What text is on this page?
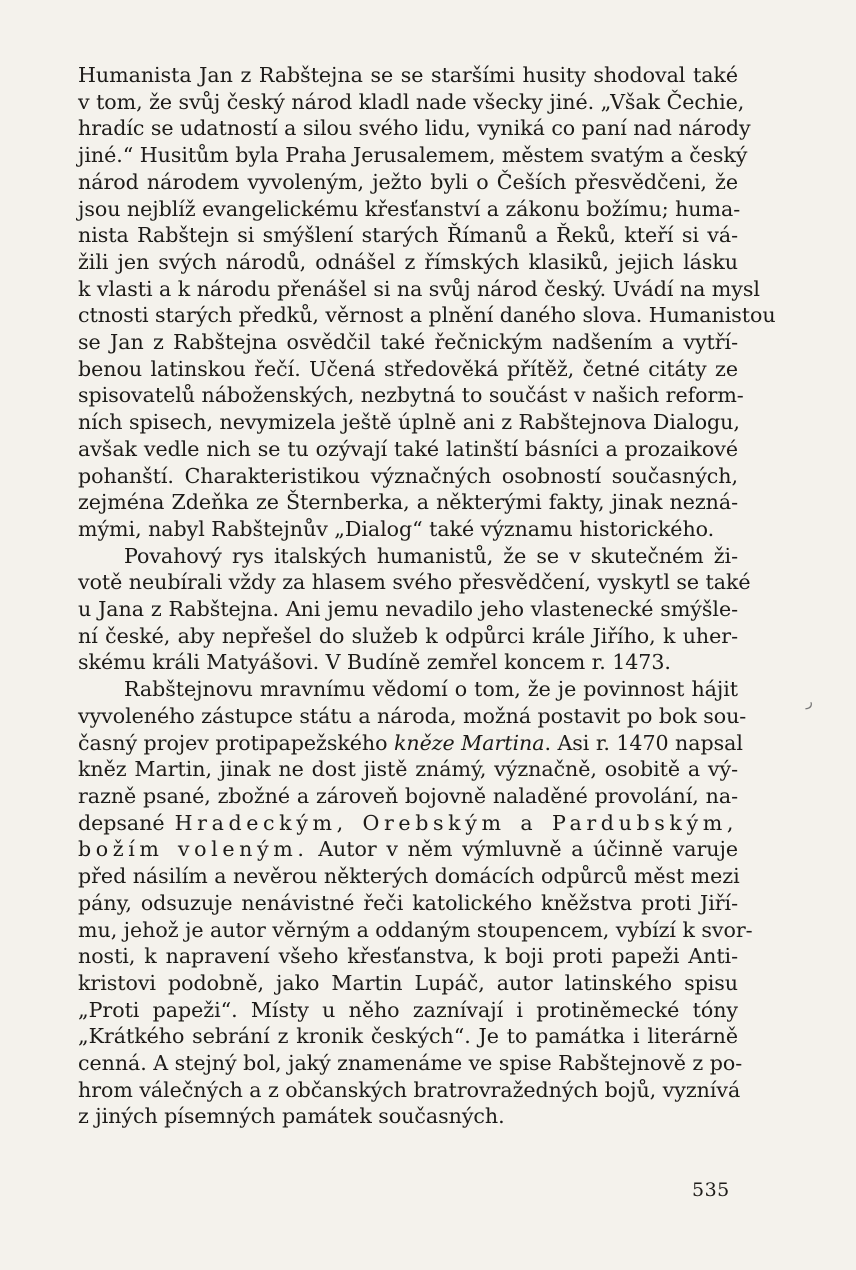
Humanista Jan z Rabštejna se se staršími husity shodoval také
v tom, že svůj český národ kladl nade všecky jiné. „Však Čechie,
hradíc se udatností a silou svého lidu, vyniká co paní nad národy
jiné.“ Husitům byla Praha Jerusalemem, městem svatým a český
národ národem vyvoleným, ježto byli o Češích přesvědčeni, že
jsou nejblíž evangelickému křesťanství a zákonu božímu; huma-
nista Rabštejn si smýšlení starých Římanů a Řeků, kteří si vá-
žili jen svých národů, odnášel z římských klasiků, jejich lásku
k vlasti a k národu přenášel si na svůj národ český. Uvádí na mysl
ctnosti starých předků, věrnost a plnění daného slova. Humanistou
se Jan z Rabštejna osvědčil také řečnickým nadšením a vytří-
benou latinskou řečí. Učená středověká přítěž, četné citáty ze
spisovatelů náboženských, nezbytná to součást v našich reform-
ních spisech, nevymizela ještě úplně ani z Rabštejnova Dialogu,
avšak vedle nich se tu ozývají také latinští básníci a prozaikové
pohanští. Charakteristikou význačných osobností současných,
zejména Zdeňka ze Šternberka, a některými fakty, jinak nezná-
mými, nabyl Rabštejnův „Dialog“ také významu historického.
Povahový rys italských humanistů, že se v skutečném ži-
votě neubírali vždy za hlasem svého přesvědčení, vyskytl se také
u Jana z Rabštejna. Ani jemu nevadilo jeho vlastenecké smýšle-
ní české, aby nepřešel do služeb k odpůrci krále Jiřího, k uher-
skému králi Matyášovi. V Budíně zemřel koncem r. 1473.
Rabštejnovu mravnímu vědomí o tom, že je povinnost hájit
vyvoleného zástupce státu a národa, možná postavit po bok sou-
časný projev protipapežského kněze Martina. Asi r. 1470 napsal
kněz Martin, jinak ne dost jistě známý, význačně, osobitě a vý-
razně psané, zbožné a zároveň bojovně naladěné provolání, na-
depsané Hradeckým, Orebským a Pardubským,
božím voleným. Autor v něm výmluvně a účinně varuje
před násilím a nevěrou některých domácích odpůrců měst mezi
pány, odsuzuje nenávistné řeči katolického kněžstva proti Jiří-
mu, jehož je autor věrným a oddaným stoupencem, vybízí k svor-
nosti, k napravení všeho křesťanstva, k boji proti papeži Anti-
kristovi podobně, jako Martin Lupáč, autor latinského spisu
„Proti papeži“. Místy u něho zaznívají i protiněmecké tóny
„Krátkého sebrání z kronik českých“. Je to památka i literárně
cenná. A stejný bol, jaký znamenáme ve spise Rabštejnově z po-
hrom válečných a z občanských bratrovražedných bojů, vyznívá
z jiných písemných památek současných.
ر
535
